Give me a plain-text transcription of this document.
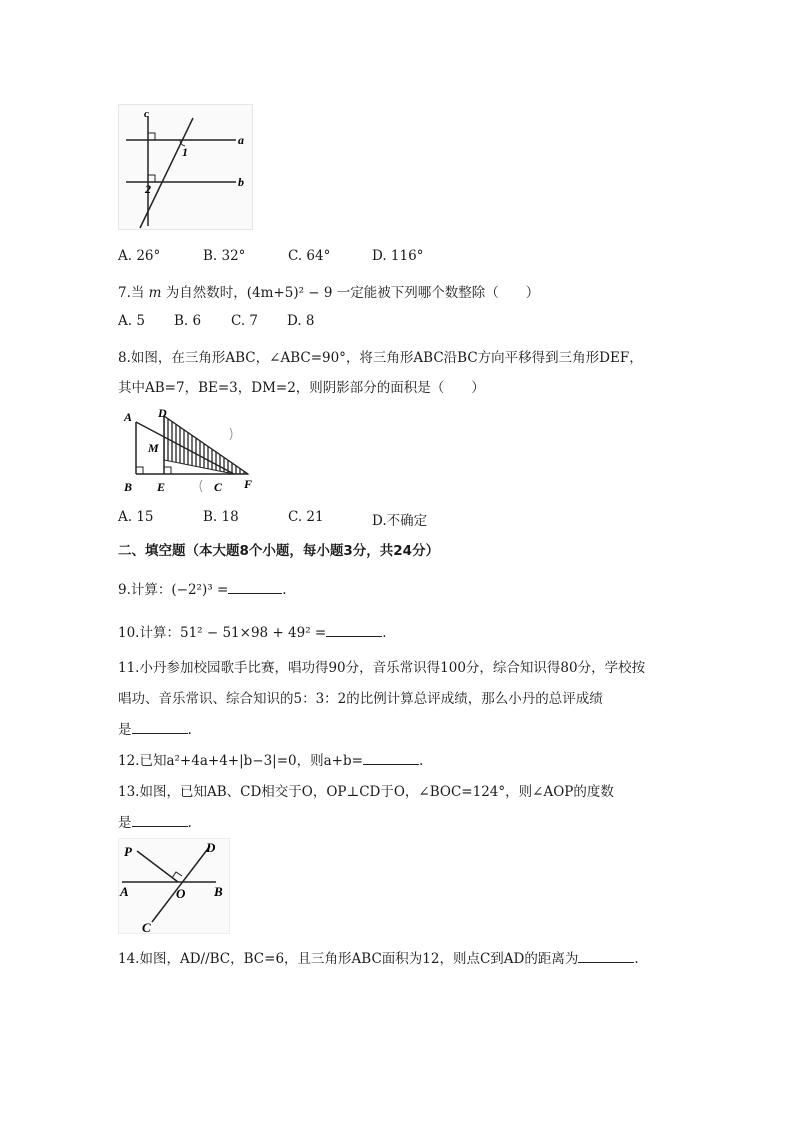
c
a
b
1
2
A. 26°	B. 32°	C. 64°	D. 116°
7.当 m 为自然数时，(4m+5)² − 9 一定能被下列哪个数整除（　　）
A. 5 B. 6 C. 7 D. 8
8.如图，在三角形ABC，∠ABC=90°，将三角形ABC沿BC方向平移得到三角形DEF，
其中AB=7，BE=3，DM=2，则阴影部分的面积是（　　）
A D
M
B E	C F
A. 15	B. 18	C. 21	D.不确定
二、填空题（本大题8个小题，每小题3分，共24分）
9.计算：(−2²)³ =	.
10.计算：51² − 51×98 + 49² =	.
11.小丹参加校园歌手比赛，唱功得90分，音乐常识得100分，综合知识得80分，学校按
唱功、音乐常识、综合知识的5：3：2的比例计算总评成绩，那么小丹的总评成绩
是	.
12.已知a²+4a+4+|b−3|=0，则a+b=	.
13.如图，已知AB、CD相交于O，OP⊥CD于O，∠BOC=124°，则∠AOP的度数
是	.
P	D
A	O B
C
14.如图，AD//BC，BC=6，且三角形ABC面积为12，则点C到AD的距离为	.
